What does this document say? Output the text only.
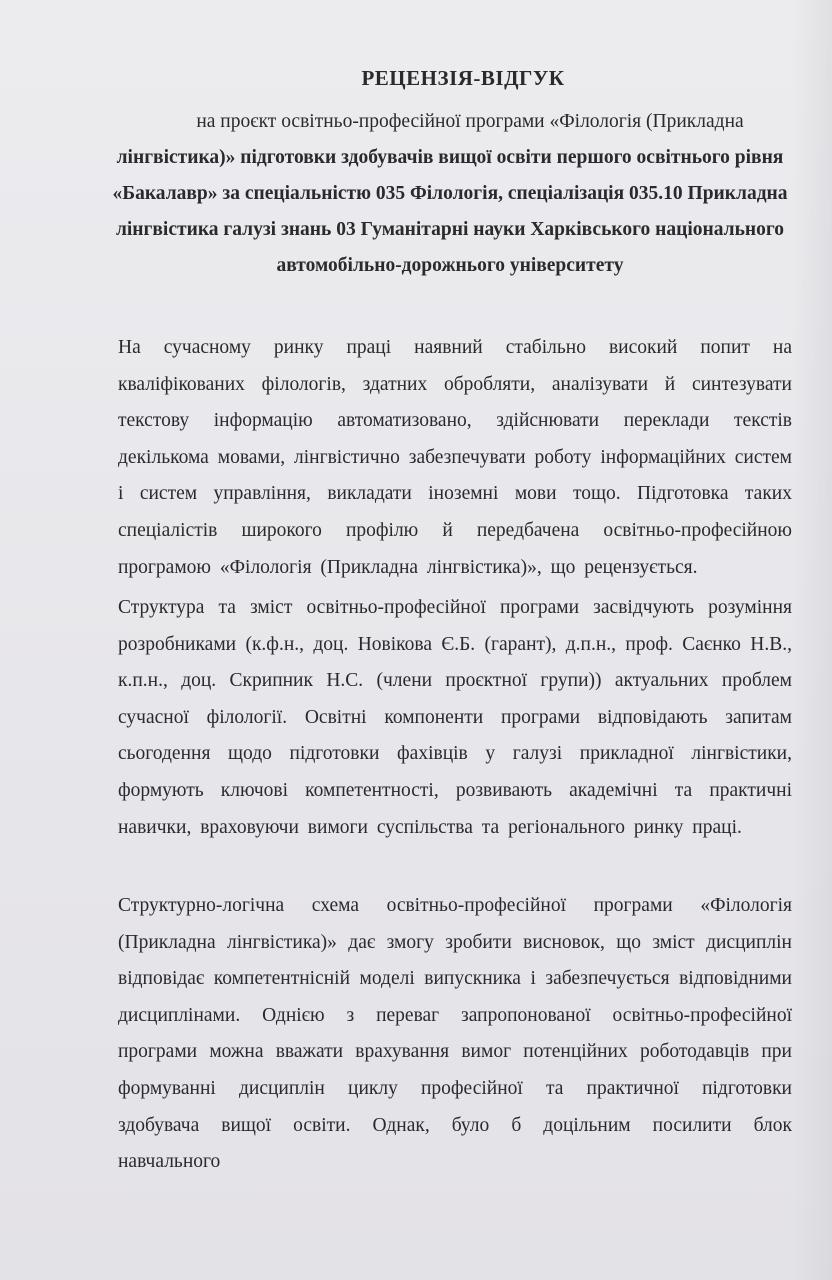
РЕЦЕНЗІЯ-ВІДГУК
на проєкт освітньо-професійної програми «Філологія (Прикладна
лінгвістика)» підготовки здобувачів вищої освіти першого освітнього рівня
«Бакалавр» за спеціальністю 035 Філологія, спеціалізація 035.10 Прикладна
лінгвістика галузі знань 03 Гуманітарні науки Харківського національного
автомобільно-дорожнього університету

На сучасному ринку праці наявний стабільно високий попит на кваліфікованих філологів, здатних обробляти, аналізувати й синтезувати текстову інформацію автоматизовано, здійснювати переклади текстів декількома мовами, лінгвістично забезпечувати роботу інформаційних систем і систем управління, викладати іноземні мови тощо. Підготовка таких спеціалістів широкого профілю й передбачена освітньо-професійною програмою «Філологія (Прикладна лінгвістика)», що рецензується.

Структура та зміст освітньо-професійної програми засвідчують розуміння розробниками (к.ф.н., доц. Новікова Є.Б. (гарант), д.п.н., проф. Саєнко Н.В., к.п.н., доц. Скрипник Н.С. (члени проєктної групи)) актуальних проблем сучасної філології. Освітні компоненти програми відповідають запитам сьогодення щодо підготовки фахівців у галузі прикладної лінгвістики, формують ключові компетентності, розвивають академічні та практичні навички, враховуючи вимоги суспільства та регіонального ринку праці.

Структурно-логічна схема освітньо-професійної програми «Філологія (Прикладна лінгвістика)» дає змогу зробити висновок, що зміст дисциплін відповідає компетентнісній моделі випускника і забезпечується відповідними дисциплінами. Однією з переваг запропонованої освітньо-професійної програми можна вважати врахування вимог потенційних роботодавців при формуванні дисциплін циклу професійної та практичної підготовки здобувача вищої освіти. Однак, було б доцільним посилити блок навчального
